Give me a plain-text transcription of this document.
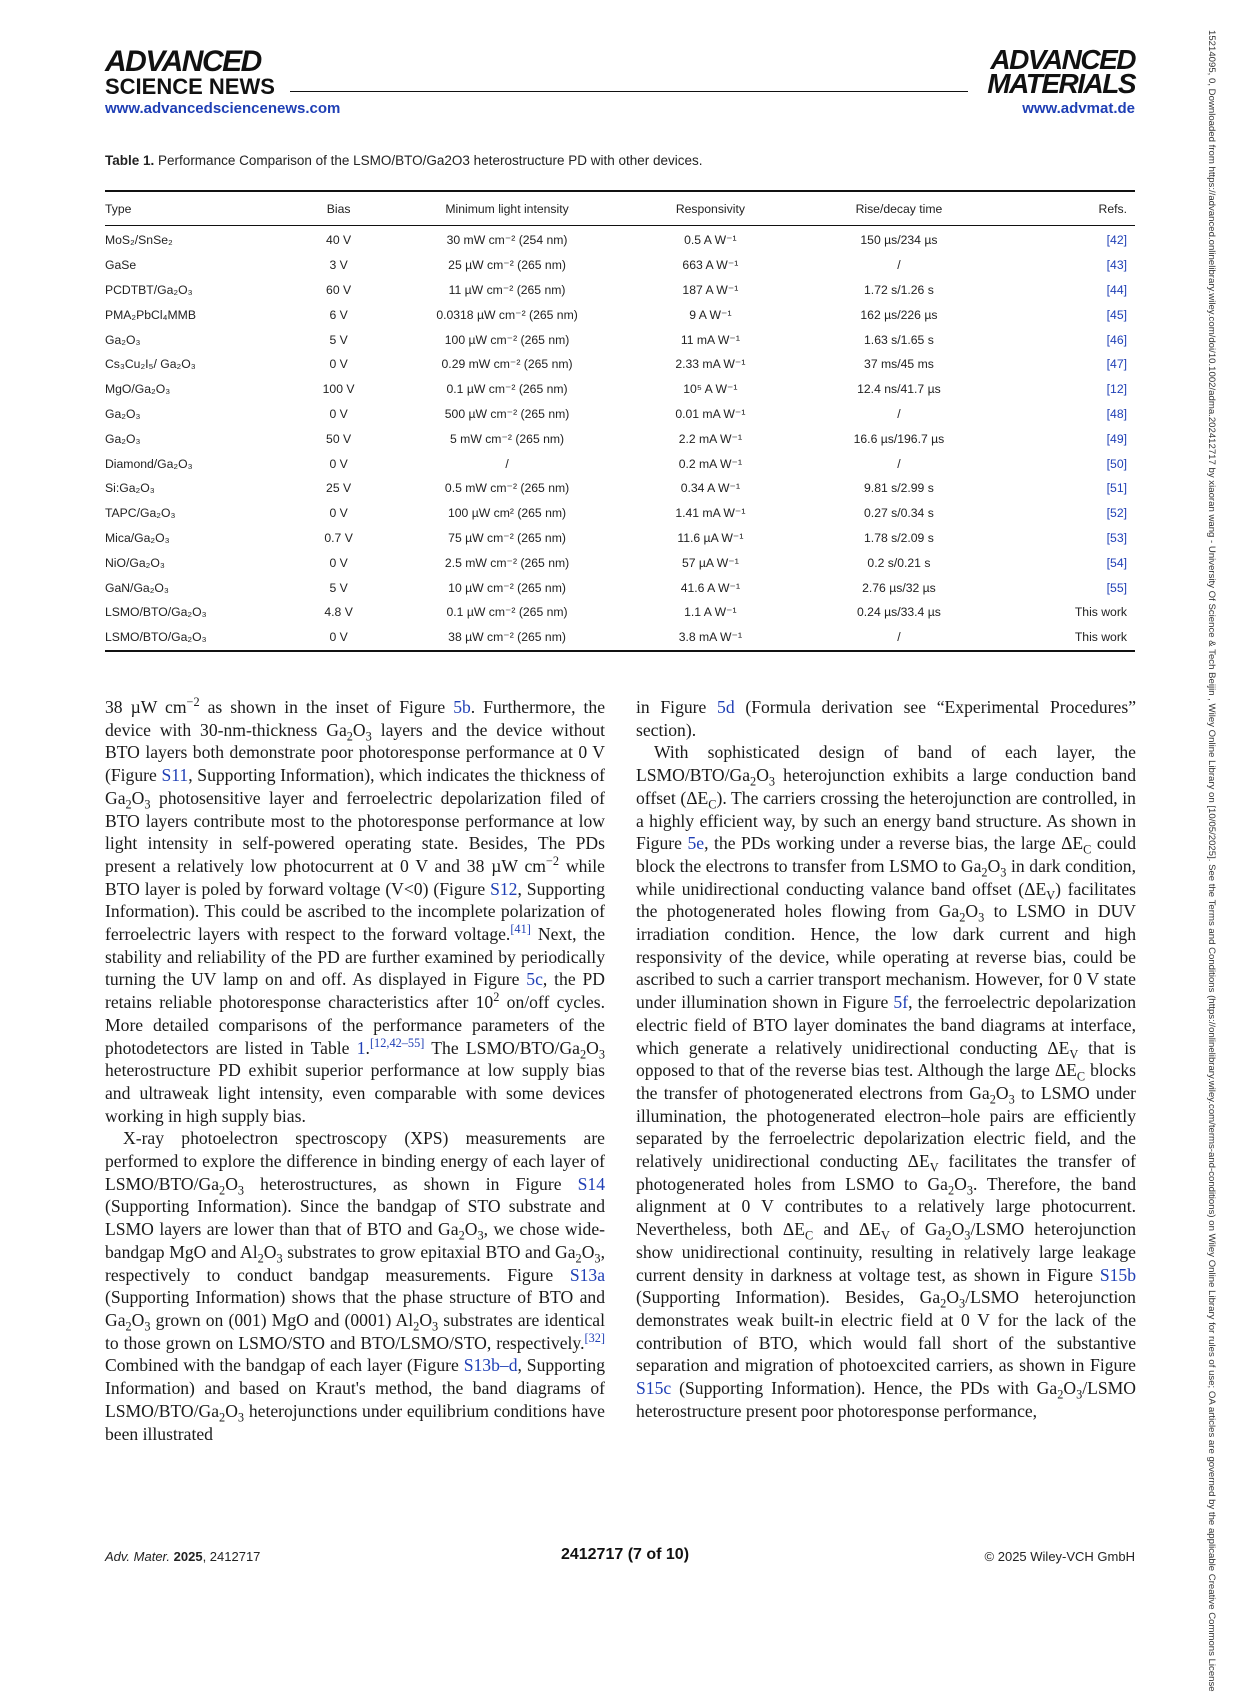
ADVANCED
SCIENCE NEWS
ADVANCED
MATERIALS
www.advancedsciencenews.com	www.advmat.de	15214095, 0, Downloaded from https://advanced.onlinelibrary.wiley.com/doi/10.1002/adma.202412717 by xiaoran wang - University Of Science & Tech Beijin , Wiley Online Library on [10/05/2025]. See the Terms and Conditions (https://onlinelibrary.wiley.com/terms-and-conditions) on Wiley Online Library for rules of use; OA articles are governed by the applicable Creative Commons License
Table 1. Performance Comparison of the LSMO/BTO/Ga2O3 heterostructure PD with other devices.
Type	Bias	Minimum light intensity	Responsivity	Rise/decay time	Refs.
MoS₂/SnSe₂	40 V	30 mW cm⁻² (254 nm)	0.5 A W⁻¹	150 µs/234 µs	[42]
GaSe	3 V	25 µW cm⁻² (265 nm)	663 A W⁻¹	/	[43]
PCDTBT/Ga₂O₃	60 V	11 µW cm⁻² (265 nm)	187 A W⁻¹	1.72 s/1.26 s	[44]
PMA₂PbCl₄MMB	6 V	0.0318 µW cm⁻² (265 nm)	9 A W⁻¹	162 µs/226 µs	[45]
Ga₂O₃	5 V	100 µW cm⁻² (265 nm)	11 mA W⁻¹	1.63 s/1.65 s	[46]
Cs₃Cu₂I₅/ Ga₂O₃	0 V	0.29 mW cm⁻² (265 nm)	2.33 mA W⁻¹	37 ms/45 ms	[47]
MgO/Ga₂O₃	100 V	0.1 µW cm⁻² (265 nm)	10⁵ A W⁻¹	12.4 ns/41.7 µs	[12]
Ga₂O₃	0 V	500 µW cm⁻² (265 nm)	0.01 mA W⁻¹	/	[48]
Ga₂O₃	50 V	5 mW cm⁻² (265 nm)	2.2 mA W⁻¹	16.6 µs/196.7 µs	[49]
Diamond/Ga₂O₃	0 V	/	0.2 mA W⁻¹	/	[50]
Si:Ga₂O₃	25 V	0.5 mW cm⁻² (265 nm)	0.34 A W⁻¹	9.81 s/2.99 s	[51]
TAPC/Ga₂O₃	0 V	100 µW cm² (265 nm)	1.41 mA W⁻¹	0.27 s/0.34 s	[52]
Mica/Ga₂O₃	0.7 V	75 µW cm⁻² (265 nm)	11.6 µA W⁻¹	1.78 s/2.09 s	[53]
NiO/Ga₂O₃	0 V	2.5 mW cm⁻² (265 nm)	57 µA W⁻¹	0.2 s/0.21 s	[54]
GaN/Ga₂O₃	5 V	10 µW cm⁻² (265 nm)	41.6 A W⁻¹	2.76 µs/32 µs	[55]
LSMO/BTO/Ga₂O₃	4.8 V	0.1 µW cm⁻² (265 nm)	1.1 A W⁻¹	0.24 µs/33.4 µs	This work
LSMO/BTO/Ga₂O₃	0 V	38 µW cm⁻² (265 nm)	3.8 mA W⁻¹	/	This work

38 µW $cm^{-2}$ as shown in the inset of Figure 5b. Furthermore, the device with 30-nm-thickness $Ga_2O_3$ layers and the device without BTO layers both demonstrate poor photoresponse performance at 0 V (Figure S11, Supporting Information), which indicates the thickness of $Ga_2O_3$ photosensitive layer and ferroelectric depolarization filed of BTO layers contribute most to the photoresponse performance at low light intensity in self-powered operating state. Besides, The PDs present a relatively low photocurrent at 0 V and 38 µW $cm^{-2}$ while BTO layer is poled by forward voltage (V<0) (Figure S12, Supporting Information). This could be ascribed to the incomplete polarization of ferroelectric layers with respect to the forward voltage.[41] Next, the stability and reliability of the PD are further examined by periodically turning the UV lamp on and off. As displayed in Figure 5c, the PD retains reliable photoresponse characteristics after $10^2$ on/off cycles. More detailed comparisons of the performance parameters of the photodetectors are listed in Table 1.[12,42–55] The LSMO/$BTO/Ga_2O_3$ heterostructure PD exhibit superior performance at low supply bias and ultraweak light intensity, even comparable with some devices working in high supply bias.

X-ray photoelectron spectroscopy (XPS) measurements are performed to explore the difference in binding energy of each layer of LSMO/$BTO/Ga_2O_3$ heterostructures, as shown in Figure S14 (Supporting Information). Since the bandgap of STO substrate and LSMO layers are lower than that of BTO and $Ga_2O_3$, we chose wide-bandgap MgO and $Al_2O_3$ substrates to grow epitaxial BTO and $Ga_2O_3$, respectively to conduct bandgap measurements. Figure S13a (Supporting Information) shows that the phase structure of BTO and $Ga_2O_3$ grown on (001) MgO and (0001) $Al_2O_3$ substrates are identical to those grown on LSMO/STO and BTO/LSMO/STO, respectively.[32] Combined with the bandgap of each layer (Figure S13b–d, Supporting Information) and based on Kraut's method, the band diagrams of LSMO/$BTO/Ga_2O_3$ heterojunctions under equilibrium conditions have been illustrated

in Figure 5d (Formula derivation see “Experimental Procedures” section).

With sophisticated design of band of each layer, the LSMO/$BTO/Ga_2O_3$ heterojunction exhibits a large conduction band offset $(\Delta E_C)$. The carriers crossing the heterojunction are controlled, in a highly efficient way, by such an energy band structure. As shown in Figure 5e, the PDs working under a reverse bias, the large $\Delta E_C$ could block the electrons to transfer from LSMO to $Ga_2O_3$ in dark condition, while unidirectional conducting valance band offset $(\Delta E_V)$ facilitates the photogenerated holes flowing from $Ga_2O_3$ to LSMO in DUV irradiation condition. Hence, the low dark current and high responsivity of the device, while operating at reverse bias, could be ascribed to such a carrier transport mechanism. However, for 0 V state under illumination shown in Figure 5f, the ferroelectric depolarization electric field of BTO layer dominates the band diagrams at interface, which generate a relatively unidirectional conducting $\Delta E_V$ that is opposed to that of the reverse bias test. Although the large $\Delta E_C$ blocks the transfer of photogenerated electrons from $Ga_2O_3$ to LSMO under illumination, the photogenerated electron–hole pairs are efficiently separated by the ferroelectric depolarization electric field, and the relatively unidirectional conducting $\Delta E_V$ facilitates the transfer of photogenerated holes from LSMO to $Ga_2O_3$. Therefore, the band alignment at 0 V contributes to a relatively large photocurrent. Nevertheless, both $\Delta E_C$ and $\Delta E_V$ of $Ga_2O_3$/LSMO heterojunction show unidirectional continuity, resulting in relatively large leakage current density in darkness at voltage test, as shown in Figure S15b (Supporting Information). Besides, $Ga_2O_3$/LSMO heterojunction demonstrates weak built-in electric field at 0 V for the lack of the contribution of BTO, which would fall short of the substantive separation and migration of photoexcited carriers, as shown in Figure S15c (Supporting Information). Hence, the PDs with $Ga_2O_3$/LSMO heterostructure present poor photoresponse performance,

Adv. Mater. 2025, 2412717	2412717 (7 of 10)	© 2025 Wiley-VCH GmbH
